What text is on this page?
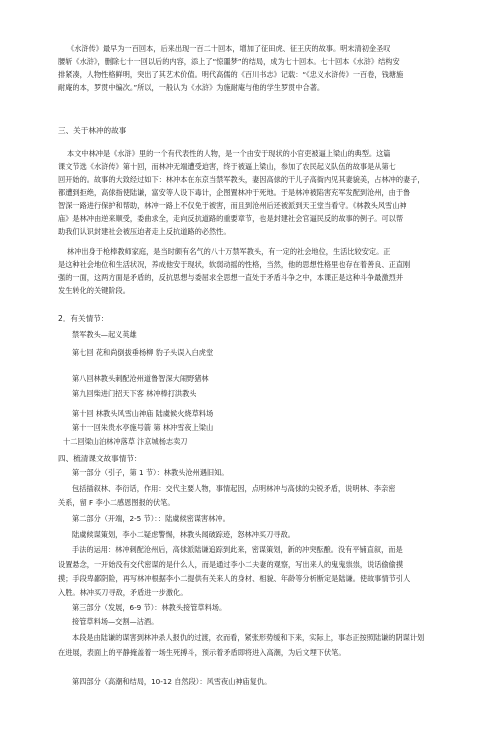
《水浒传》最早为一百回本，后来出现一百二十回本，增加了征田虎、征王庆的故事。明末清初金圣叹
腰斩《水浒》，删除七十一回以后的内容，添上了“惊噩梦”的结局，成为七十回本。七十回本《水浒》结构安
排紧凑，人物性格鲜明，突出了其艺术价值。明代高儒的《百川书志》记载：“《忠义水浒传》一百卷，钱塘施
耐庵的本，罗贯中编次。”所以，一般认为《水浒》为施耐庵与他的学生罗贯中合著。
三、关于林冲的故事
本文中林冲是《水浒》里的一个有代表性的人物，是一个由安于现状的小官吏被逼上梁山的典型。这篇
课文节选《水浒传》第十回，而林冲无端遭受迫害，终于被逼上梁山，参加了农民起义队伍的故事是从第七
回开始的。故事的大致经过如下：林冲本在东京当禁军教头，妻因高俅的干儿子高衙内见其妻貌美，占林冲的妻子，
都遭到拒绝，高俅指使陆谦，富安等人设下毒计，企图置林冲于死地。于是林冲被陷害充军发配到沧州，由于鲁
智深一路进行保护和帮助，林冲一路上不仅免于被害，而且到沧州后还被派到天王堂当看守。《林教头风雪山神
庙》是林冲由逆来顺受，委曲求全，走向反抗道路的重要章节，也是封建社会官逼民反的故事的例子。可以帮
助我们认识封建社会被压迫者走上反抗道路的必然性。
林冲出身于枪棒教师家庭，是当时颇有名气的八十万禁军教头，有一定的社会地位，生活比较安定。正
是这种社会地位和生活状况，养成他安于现状，软弱动摇的性格，当然，他的思想性格里也存在着善良、正直刚
强的一面，这两方面是矛盾的，反抗思想与委屈求全思想一直处于矛盾斗争之中，本课正是这种斗争最激烈并
发生转化的关键阶段。
2．有关情节：
禁军教头—起义英雄
第七回 花和尚倒拔垂杨柳 豹子头误入白虎堂
第八回林教头刺配沧州道鲁智深大闹野猪林
第九回柴进门招天下客 林冲棒打洪教头
第十回 林教头风雪山神庙 陆虞候火烧草料场
第十一回朱贵水亭施号箭 第 林冲雪夜上梁山
十二回梁山泊林冲落草 汴京城杨志卖刀
四、梳清课文故事情节：
第一部分（引子，第 1 节）：林教头沧州遇旧知。
包括插叙林、李衍话，作用：交代主要人物，事情起因，点明林冲与高俅的尖锐矛盾，说明林、李亲密
关系，留 F 李小二感恩图报的伏笔。
第二部分（开端，2-5 节）：：陆虞候密谋害林冲。
陆虞候谋策划，李小二疑虑警惕，林教头闻破踪迹，怒林冲买刀寻敌。
手法的运用：林冲刺配沧州后，高俅派陆谦追踪到此来，密谋策划，新的冲突酝酿。没有平铺直叙，而是
设置悬念，一开始没有交代密谋的是什么人，而是通过李小二夫妻的观察，写出来人的鬼鬼祟祟，说话偷偷摸
摸；手段卑鄙阴险，再写林冲根据李小二提供有关来人的身材、相貌、年龄等分析断定是陆谦。使故事情节引人
入胜。林冲买刀寻敌，矛盾进一步激化。
第三部分（发展，6-9 节）：林教头接管草料场。
接管草料场—交割—沽酒。
本段是由陆谦的谋害到林冲杀人报仇的过渡，衣而看，紧张形势缓和下来，实际上，事态正按照陆谦的阴谋计划
在进展，表面上的平静掩盖着一场生死搏斗，预示着矛盾即将进入高潮，为后文埋下伏笔。
第四部分（高潮和结局，10-12 自然段）：风雪夜山神庙复仇。
